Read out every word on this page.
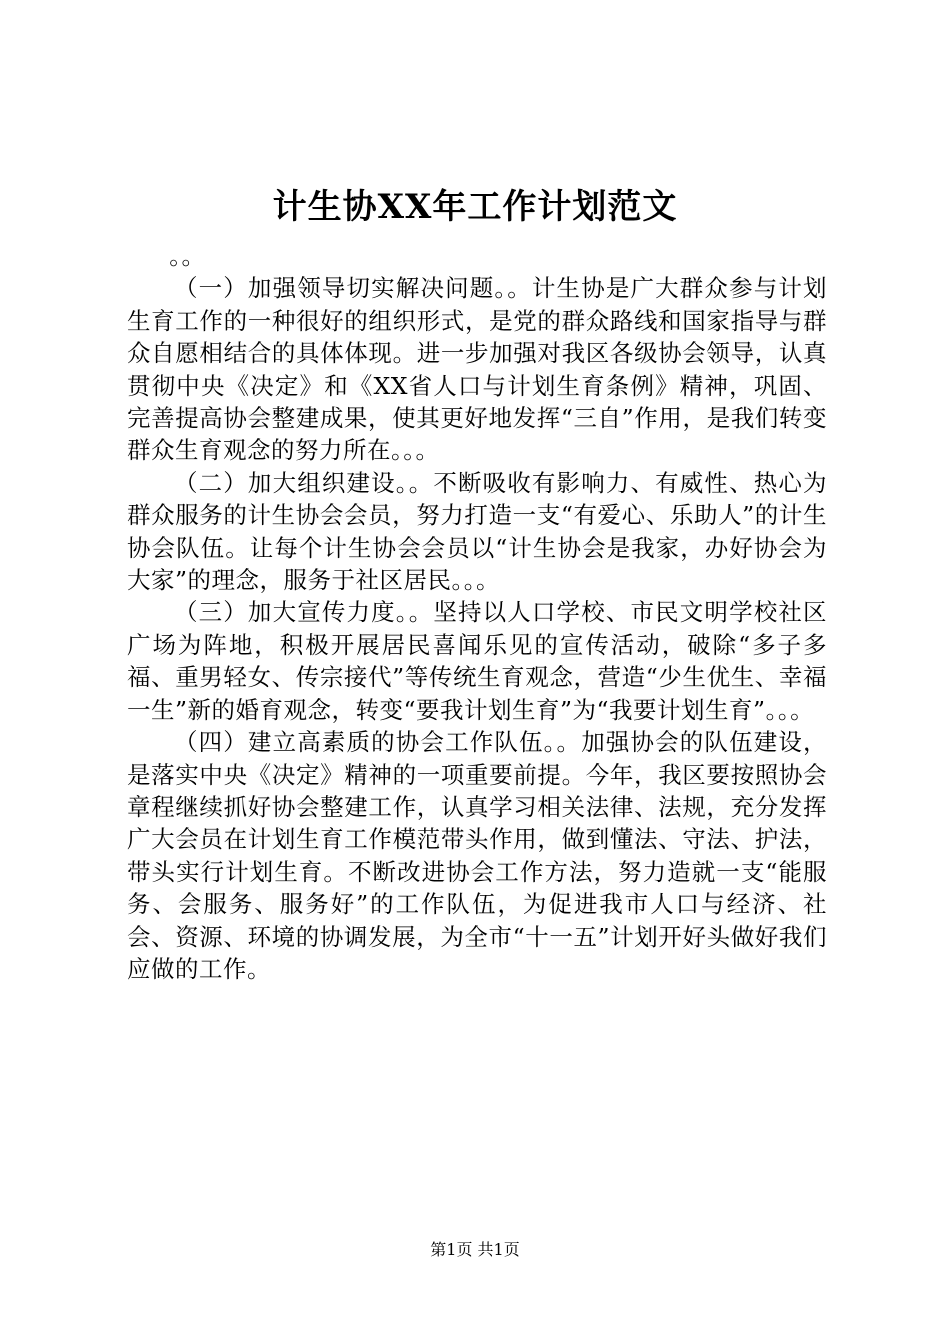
计生协XX年工作计划范文

。。

（一）加强领导切实解决问题。。计生协是广大群众参与计划生育工作的一种很好的组织形式，是党的群众路线和国家指导与群众自愿相结合的具体体现。进一步加强对我区各级协会领导，认真贯彻中央《决定》和《XX省人口与计划生育条例》精神，巩固、完善提高协会整建成果，使其更好地发挥“三自”作用，是我们转变群众生育观念的努力所在。。。

（二）加大组织建设。。不断吸收有影响力、有威性、热心为群众服务的计生协会会员，努力打造一支“有爱心、乐助人”的计生协会队伍。让每个计生协会会员以“计生协会是我家，办好协会为大家”的理念，服务于社区居民。。。

（三）加大宣传力度。。坚持以人口学校、市民文明学校社区广场为阵地，积极开展居民喜闻乐见的宣传活动，破除“多子多福、重男轻女、传宗接代”等传统生育观念，营造“少生优生、幸福一生”新的婚育观念，转变“要我计划生育”为“我要计划生育”。。。

（四）建立高素质的协会工作队伍。。加强协会的队伍建设，是落实中央《决定》精神的一项重要前提。今年，我区要按照协会章程继续抓好协会整建工作，认真学习相关法律、法规，充分发挥广大会员在计划生育工作模范带头作用，做到懂法、守法、护法，带头实行计划生育。不断改进协会工作方法，努力造就一支“能服务、会服务、服务好”的工作队伍，为促进我市人口与经济、社会、资源、环境的协调发展，为全市“十一五”计划开好头做好我们应做的工作。

第1页 共1页
